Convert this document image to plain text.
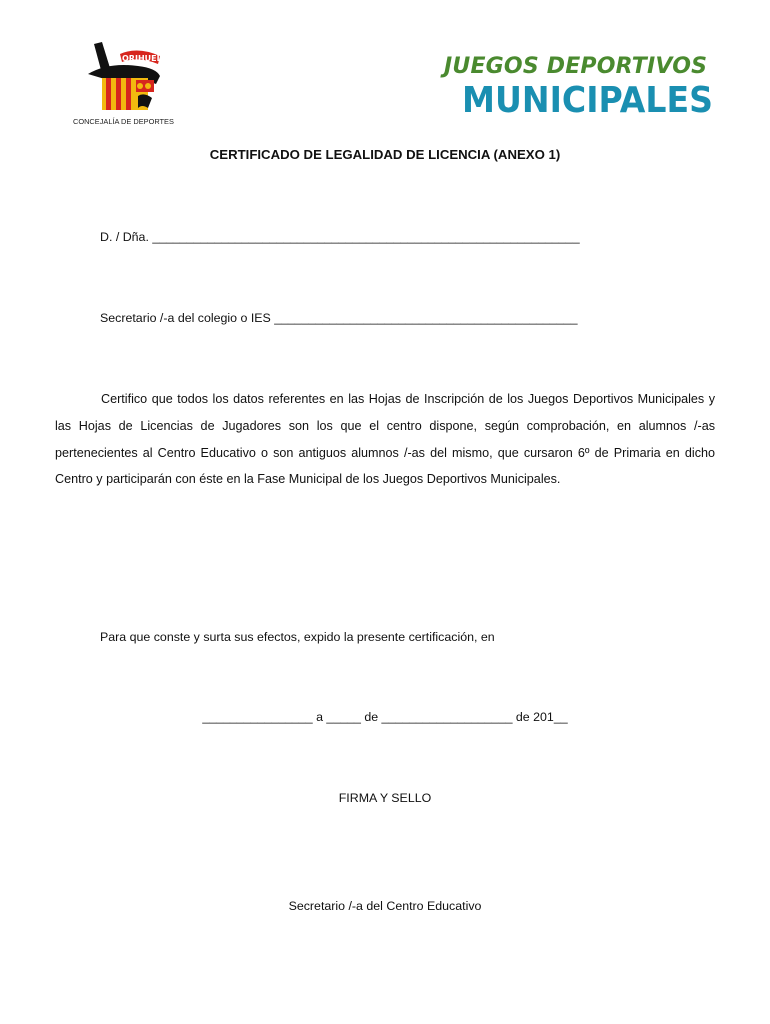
ORIHUELA
CONCEJALÍA DE DEPORTES
JUEGOS DEPORTIVOS
MUNICIPALES
CERTIFICADO DE LEGALIDAD DE LICENCIA (ANEXO 1)
D. / Dña. ______________________________________________________________
Secretario /-a del colegio o IES ____________________________________________
Certifico que todos los datos referentes en las Hojas de Inscripción de los Juegos Deportivos Municipales y las Hojas de Licencias de Jugadores son los que el centro dispone, según comprobación, en alumnos /-as pertenecientes al Centro Educativo o son antiguos alumnos /-as del mismo, que cursaron 6º de Primaria en dicho Centro y participarán con éste en la Fase Municipal de los Juegos Deportivos Municipales.
Para que conste y surta sus efectos, expido la presente certificación, en
________________ a _____ de ___________________ de 201__
FIRMA Y SELLO
Secretario /-a del Centro Educativo
